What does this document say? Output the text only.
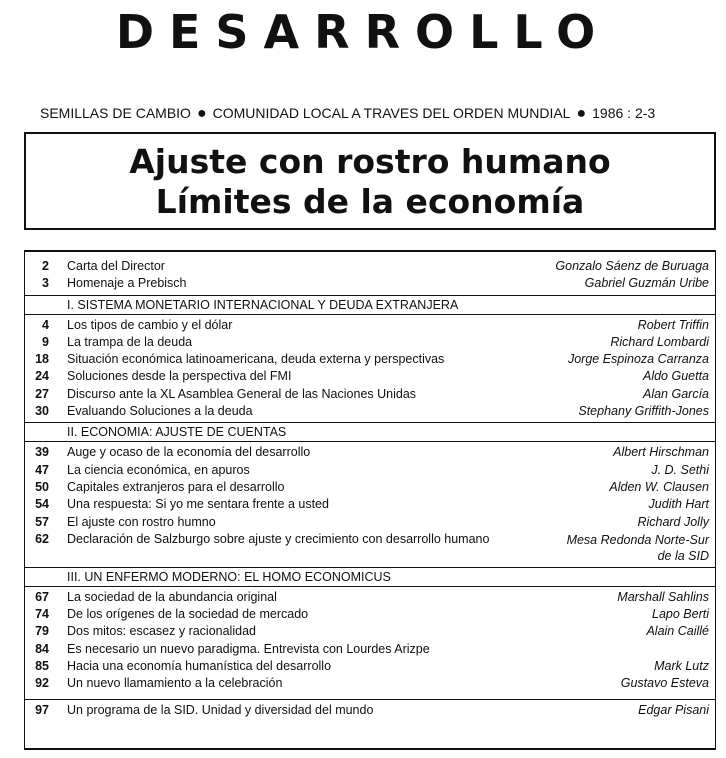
DESARROLLO
SEMILLAS DE CAMBIO ● COMUNIDAD LOCAL A TRAVES DEL ORDEN MUNDIAL ● 1986 : 2-3
Ajuste con rostro humano
Límites de la economía
2 Carta del Director	Gonzalo Sáenz de Buruaga
3 Homenaje a Prebisch	Gabriel Guzmán Uribe
I. SISTEMA MONETARIO INTERNACIONAL Y DEUDA EXTRANJERA
4 Los tipos de cambio y el dólar	Robert Triffin
9 La trampa de la deuda	Richard Lombardi
18 Situación económica latinoamericana, deuda externa y perspectivas	Jorge Espinoza Carranza
24 Soluciones desde la perspectiva del FMI	Aldo Guetta
27 Discurso ante la XL Asamblea General de las Naciones Unidas	Alan García
30 Evaluando Soluciones a la deuda	Stephany Griffith-Jones
II. ECONOMIA: AJUSTE DE CUENTAS
39 Auge y ocaso de la economía del desarrollo	Albert Hirschman
47 La ciencia económica, en apuros	J. D. Sethi
50 Capitales extranjeros para el desarrollo	Alden W. Clausen
54 Una respuesta: Si yo me sentara frente a usted	Judith Hart
57 El ajuste con rostro humno	Richard Jolly
62 Declaración de Salzburgo sobre ajuste y crecimiento con desarrollo humano	Mesa Redonda Norte-Sur
de la SID
III. UN ENFERMO MODERNO: EL HOMO ECONOMICUS
67 La sociedad de la abundancia original	Marshall Sahlins
74 De los orígenes de la sociedad de mercado	Lapo Berti
79 Dos mitos: escasez y racionalidad	Alain Caillé
84 Es necesario un nuevo paradigma. Entrevista con Lourdes Arizpe
85 Hacia una economía humanística del desarrollo	Mark Lutz
92 Un nuevo llamamiento a la celebración	Gustavo Esteva
97 Un programa de la SID. Unidad y diversidad del mundo	Edgar Pisani
